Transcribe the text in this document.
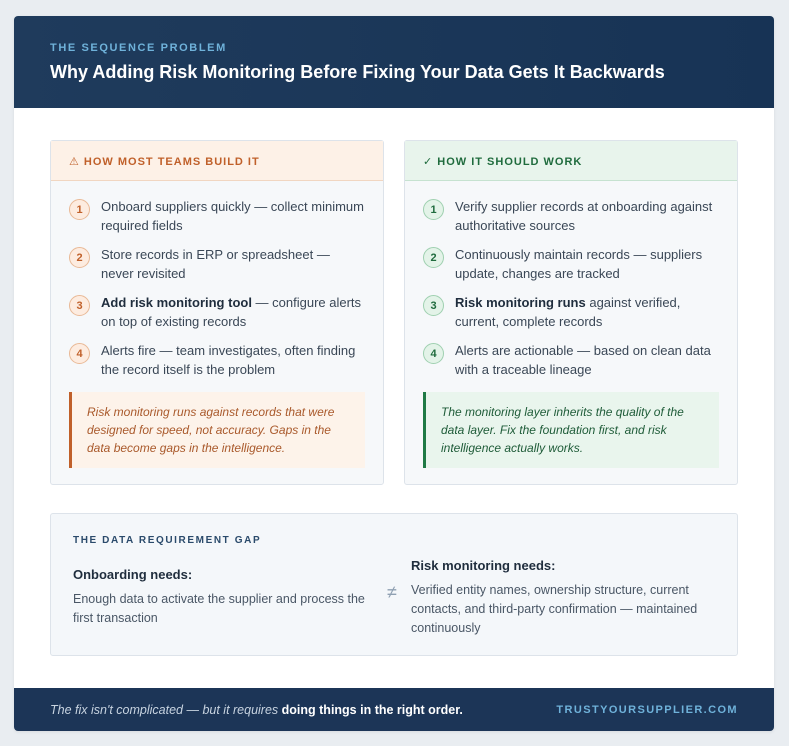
THE SEQUENCE PROBLEM
Why Adding Risk Monitoring Before Fixing Your Data Gets It Backwards
⚠ HOW MOST TEAMS BUILD IT
1	Onboard suppliers quickly — collect minimum required fields
2	Store records in ERP or spreadsheet — never revisited
3	Add risk monitoring tool — configure alerts on top of existing records
4	Alerts fire — team investigates, often finding the record itself is the problem
Risk monitoring runs against records that were designed for speed, not accuracy. Gaps in the data become gaps in the intelligence.
✓ HOW IT SHOULD WORK
1	Verify supplier records at onboarding against authoritative sources
2	Continuously maintain records — suppliers update, changes are tracked
3	Risk monitoring runs against verified, current, complete records
4	Alerts are actionable — based on clean data with a traceable lineage
The monitoring layer inherits the quality of the data layer. Fix the foundation first, and risk intelligence actually works.
THE DATA REQUIREMENT GAP
Onboarding needs:
Enough data to activate the supplier and process the first transaction
≠
Risk monitoring needs:
Verified entity names, ownership structure, current contacts, and third-party confirmation — maintained continuously
The fix isn't complicated — but it requires doing things in the right order.	TRUSTYOURSUPPLIER.COM
